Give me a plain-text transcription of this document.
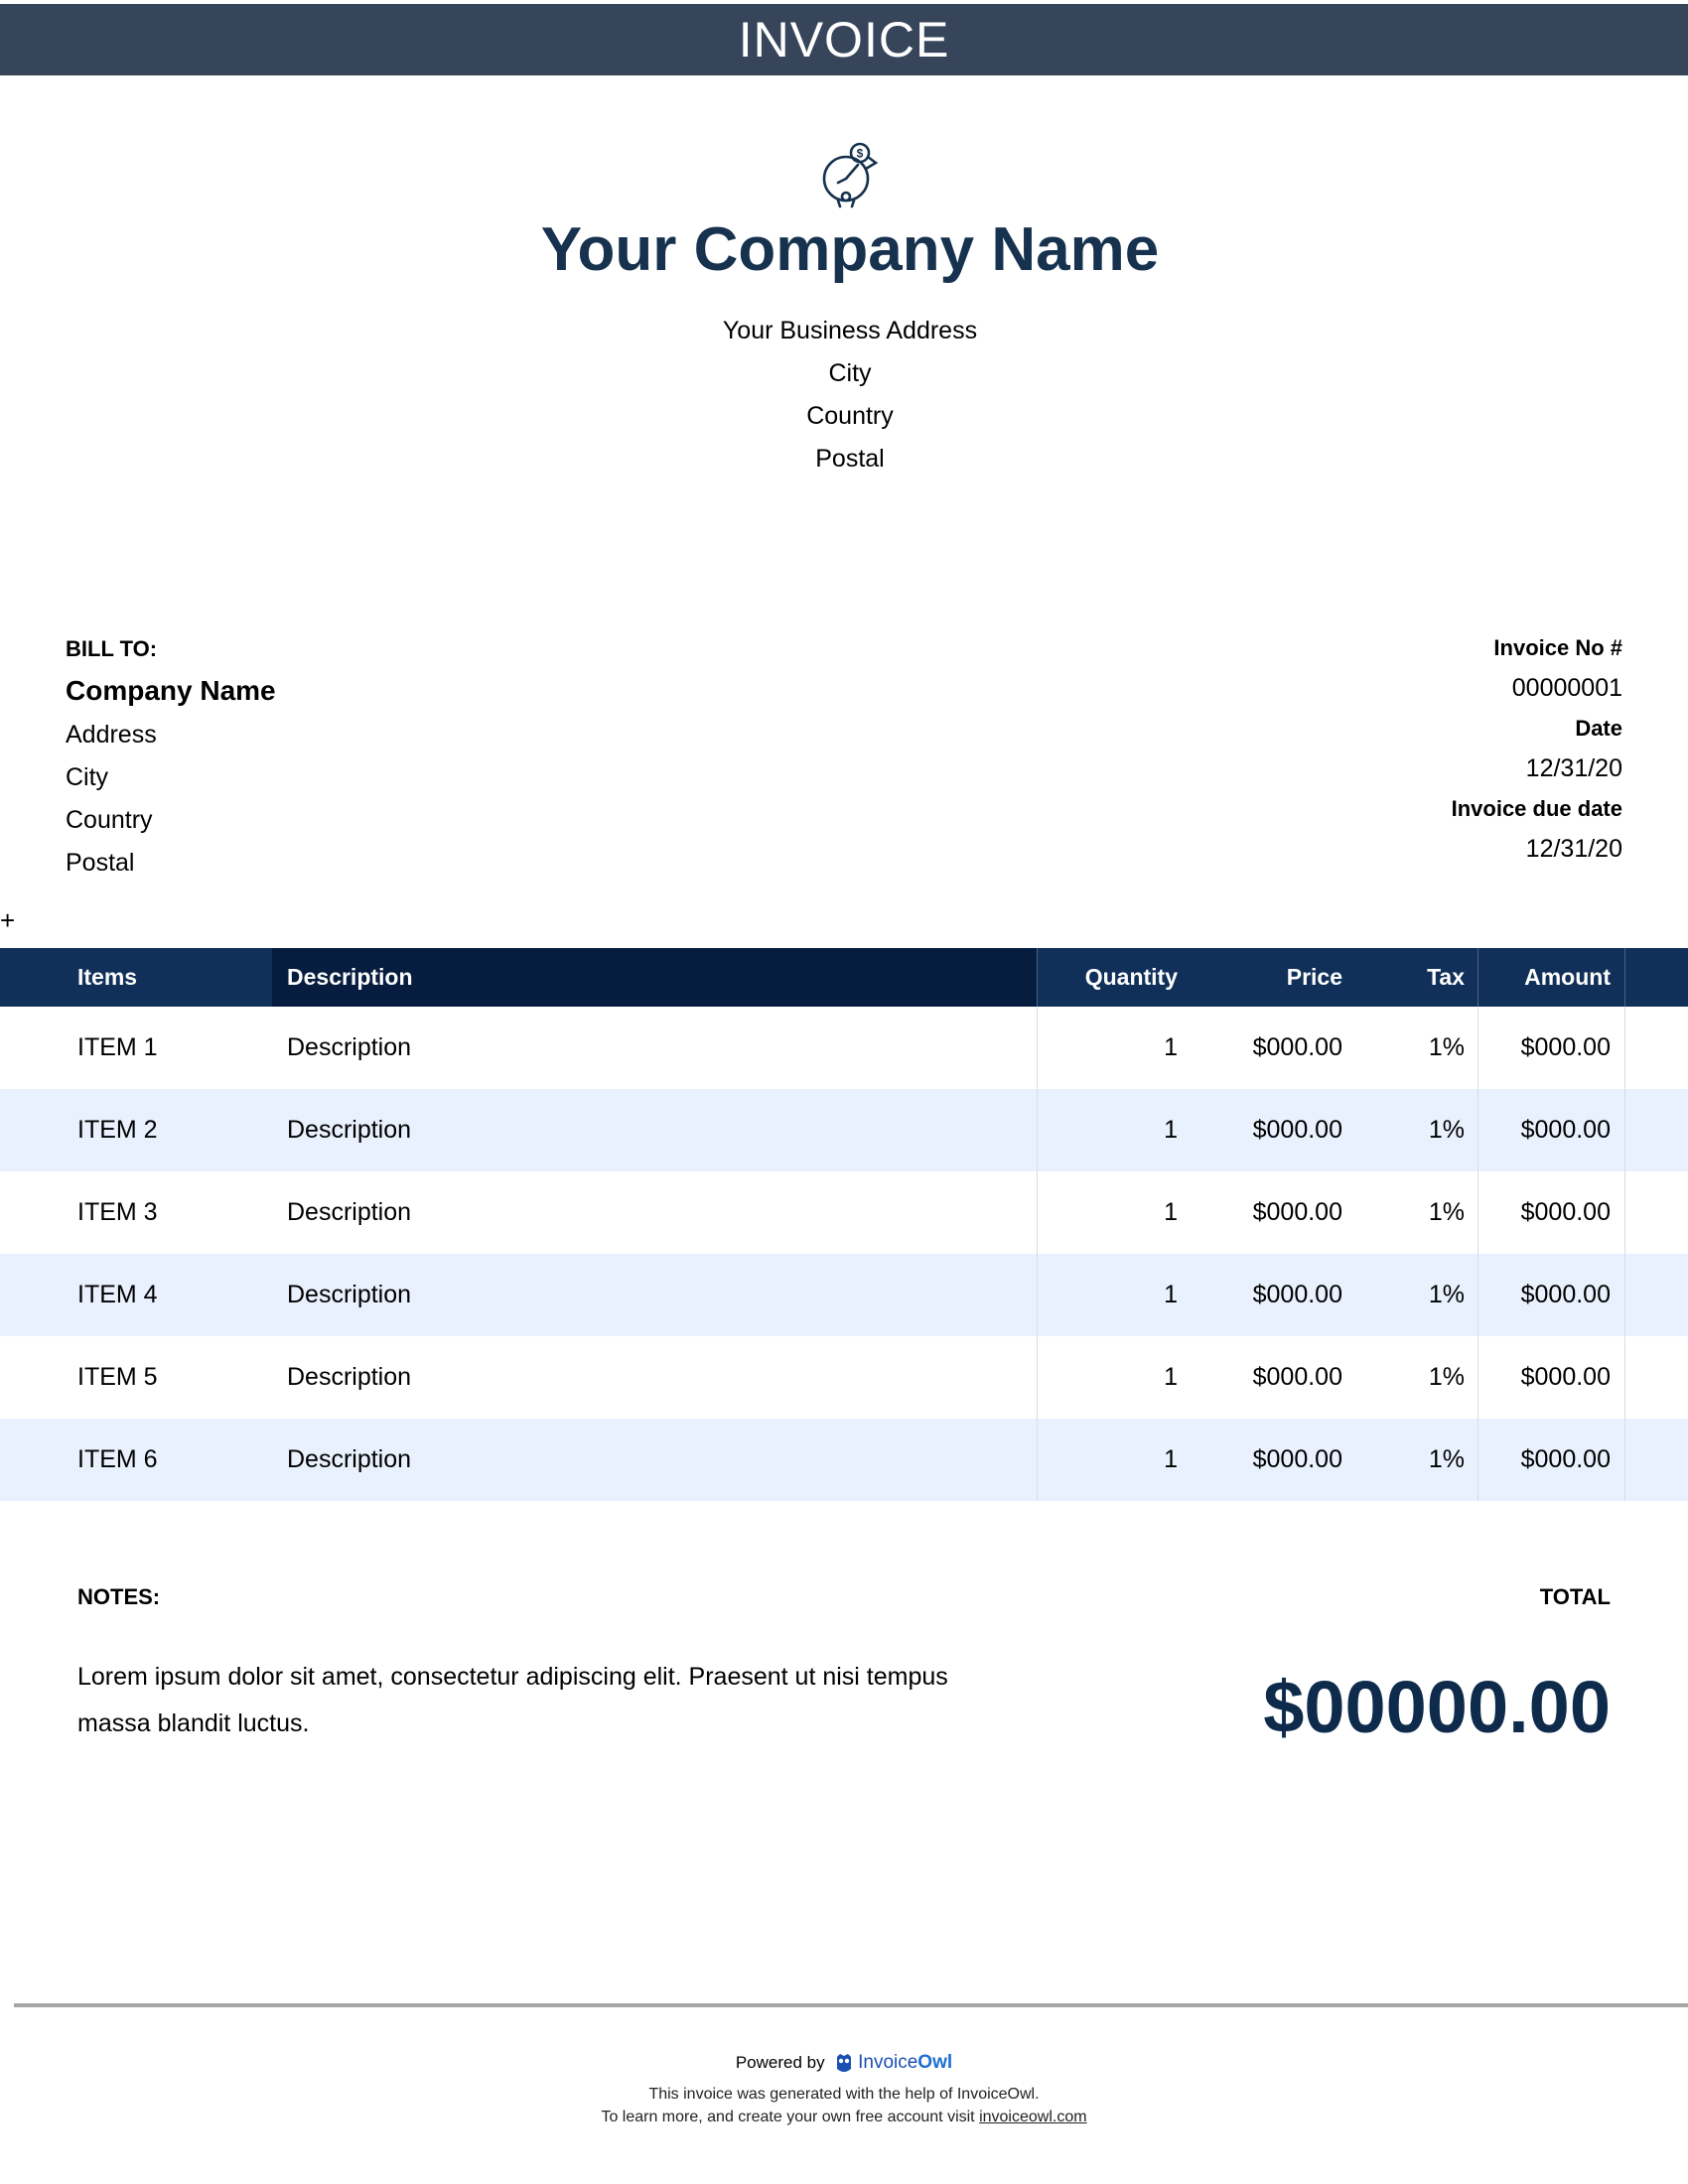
INVOICE
$
Your Company Name
Your Business Address
City
Country
Postal
BILL TO:
Company Name
Address
City
Country
Postal
Invoice No #
00000001
Date
12/31/20
Invoice due date
12/31/20
+
Items	Description	Quantity	Price	Tax	Amount
ITEM 1	Description	1	$000.00	1% $000.00
ITEM 2	Description	1	$000.00	1% $000.00
ITEM 3	Description	1	$000.00	1% $000.00
ITEM 4	Description	1	$000.00	1% $000.00
ITEM 5	Description	1	$000.00	1% $000.00
ITEM 6	Description	1	$000.00	1% $000.00
NOTES:
Lorem ipsum dolor sit amet, consectetur adipiscing elit. Praesent ut nisi tempus massa blandit luctus.
TOTAL
$00000.00
Powered by InvoiceOwl
This invoice was generated with the help of InvoiceOwl.
To learn more, and create your own free account visit invoiceowl.com
